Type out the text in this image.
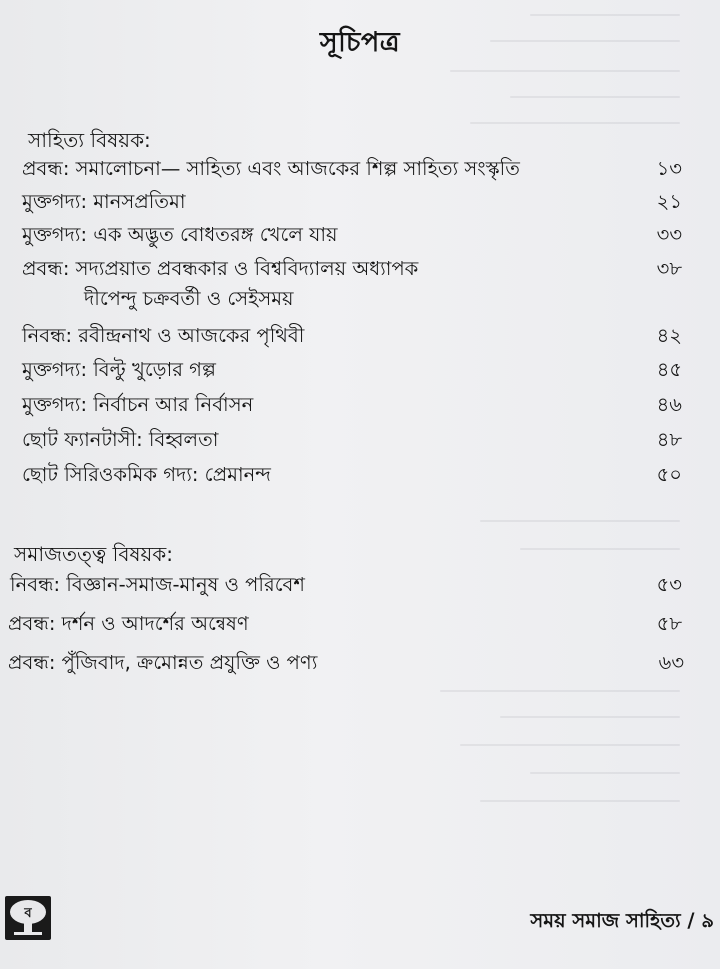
সূচিপত্র
সাহিত্য বিষয়ক:
প্রবন্ধ: সমালোচনা— সাহিত্য এবং আজকের শিল্প সাহিত্য সংস্কৃতি	১৩
মুক্তগদ্য: মানসপ্রতিমা	২১
মুক্তগদ্য: এক অদ্ভুত বোধতরঙ্গ খেলে যায়	৩৩
প্রবন্ধ: সদ্যপ্রয়াত প্রবন্ধকার ও বিশ্ববিদ্যালয় অধ্যাপক	৩৮
দীপেন্দু চক্রবর্তী ও সেইসময়
নিবন্ধ: রবীন্দ্রনাথ ও আজকের পৃথিবী	৪২
মুক্তগদ্য: বিল্টু খুড়োর গল্প	৪৫
মুক্তগদ্য: নির্বাচন আর নির্বাসন	৪৬
ছোট ফ্যানটাসী: বিহ্বলতা	৪৮
ছোট সিরিওকমিক গদ্য: প্রেমানন্দ	৫০
সমাজতত্ত্ব বিষয়ক:
নিবন্ধ: বিজ্ঞান-সমাজ-মানুষ ও পরিবেশ	৫৩
প্রবন্ধ: দর্শন ও আদর্শের অন্বেষণ	৫৮
প্রবন্ধ: পুঁজিবাদ, ক্রমোন্নত প্রযুক্তি ও পণ্য	৬৩
ব	সময় সমাজ সাহিত্য / ৯
